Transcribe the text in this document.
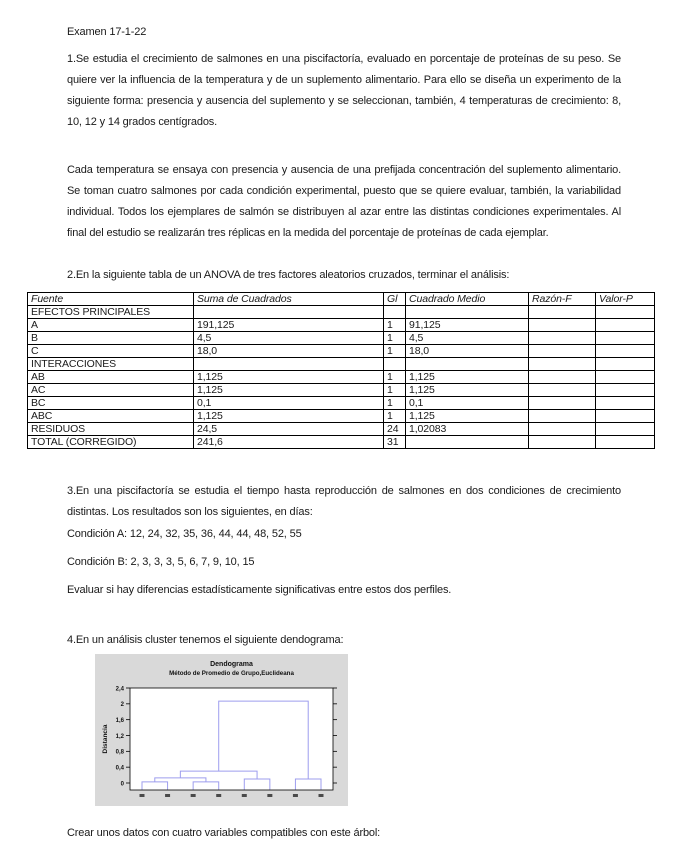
Examen 17-1-22
1.Se estudia el crecimiento de salmones en una piscifactoría, evaluado en porcentaje de proteínas de su peso. Se quiere ver la influencia de la temperatura y de un suplemento alimentario. Para ello se diseña un experimento de la siguiente forma: presencia y ausencia del suplemento y se seleccionan, también, 4 temperaturas de crecimiento: 8, 10, 12 y 14 grados centígrados.
Cada temperatura se ensaya con presencia y ausencia de una prefijada concentración del suplemento alimentario. Se toman cuatro salmones por cada condición experimental, puesto que se quiere evaluar, también, la variabilidad individual. Todos los ejemplares de salmón se distribuyen al azar entre las distintas condiciones experimentales. Al final del estudio se realizarán tres réplicas en la medida del porcentaje de proteínas de cada ejemplar.
2.En la siguiente tabla de un ANOVA de tres factores aleatorios cruzados, terminar el análisis:
Fuente	Suma de Cuadrados	Gl	Cuadrado Medio	Razón-F	Valor-P
EFECTOS PRINCIPALES					
A	191,125	1	91,125		
B	4,5	1	4,5		
C	18,0	1	18,0		
INTERACCIONES					
AB	1,125	1	1,125		
AC	1,125	1	1,125		
BC	0,1	1	0,1		
ABC	1,125	1	1,125		
RESIDUOS	24,5	24	1,02083		
TOTAL (CORREGIDO)	241,6	31			
3.En una piscifactoría se estudia el tiempo hasta reproducción de salmones en dos condiciones de crecimiento distintas. Los resultados son los siguientes, en días:
Condición A: 12, 24, 32, 35, 36, 44, 44, 48, 52, 55
Condición B: 2, 3, 3, 3, 5, 6, 7, 9, 10, 15
Evaluar si hay diferencias estadísticamente significativas entre estos dos perfiles.
4.En un análisis cluster tenemos el siguiente dendograma:
Dendograma
Método de Promedio de Grupo,Euclideana
Distancia
0
0,4
0,8
1,2
1,6
2
2,4
Crear unos datos con cuatro variables compatibles con este árbol:
